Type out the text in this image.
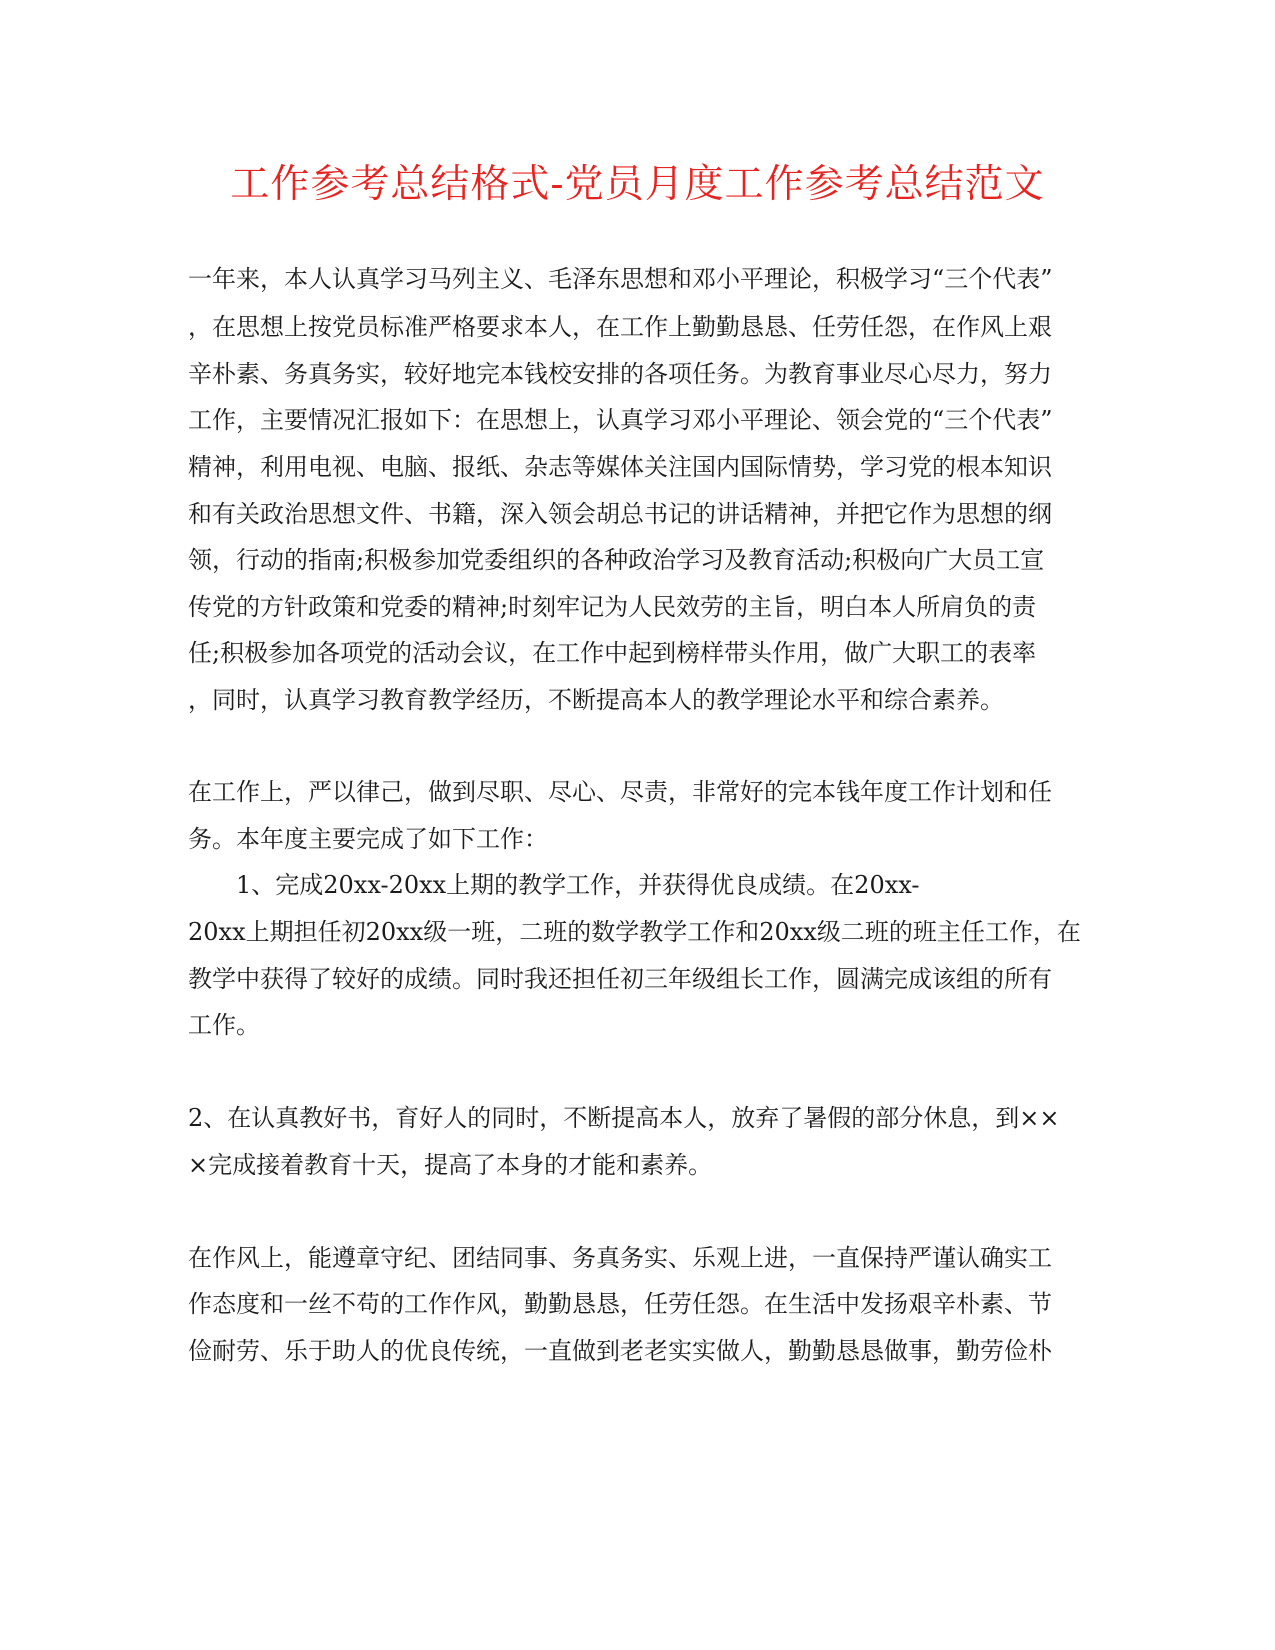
工作参考总结格式-党员月度工作参考总结范文

一年来，本人认真学习马列主义、毛泽东思想和邓小平理论，积极学习“三个代表”

，在思想上按党员标准严格要求本人，在工作上勤勤恳恳、任劳任怨，在作风上艰

辛朴素、务真务实，较好地完本钱校安排的各项任务。为教育事业尽心尽力，努力

工作，主要情况汇报如下：在思想上，认真学习邓小平理论、领会党的“三个代表”

精神，利用电视、电脑、报纸、杂志等媒体关注国内国际情势，学习党的根本知识

和有关政治思想文件、书籍，深入领会胡总书记的讲话精神，并把它作为思想的纲

领，行动的指南;积极参加党委组织的各种政治学习及教育活动;积极向广大员工宣

传党的方针政策和党委的精神;时刻牢记为人民效劳的主旨，明白本人所肩负的责

任;积极参加各项党的活动会议，在工作中起到榜样带头作用，做广大职工的表率

，同时，认真学习教育教学经历，不断提高本人的教学理论水平和综合素养。

在工作上，严以律己，做到尽职、尽心、尽责，非常好的完本钱年度工作计划和任

务。本年度主要完成了如下工作：

1、完成20xx-20xx上期的教学工作，并获得优良成绩。在20xx-

20xx上期担任初20xx级一班，二班的数学教学工作和20xx级二班的班主任工作，在

教学中获得了较好的成绩。同时我还担任初三年级组长工作，圆满完成该组的所有

工作。

2、在认真教好书，育好人的同时，不断提高本人，放弃了暑假的部分休息，到××

×完成接着教育十天，提高了本身的才能和素养。

在作风上，能遵章守纪、团结同事、务真务实、乐观上进，一直保持严谨认确实工

作态度和一丝不苟的工作作风，勤勤恳恳，任劳任怨。在生活中发扬艰辛朴素、节

俭耐劳、乐于助人的优良传统，一直做到老老实实做人，勤勤恳恳做事，勤劳俭朴
